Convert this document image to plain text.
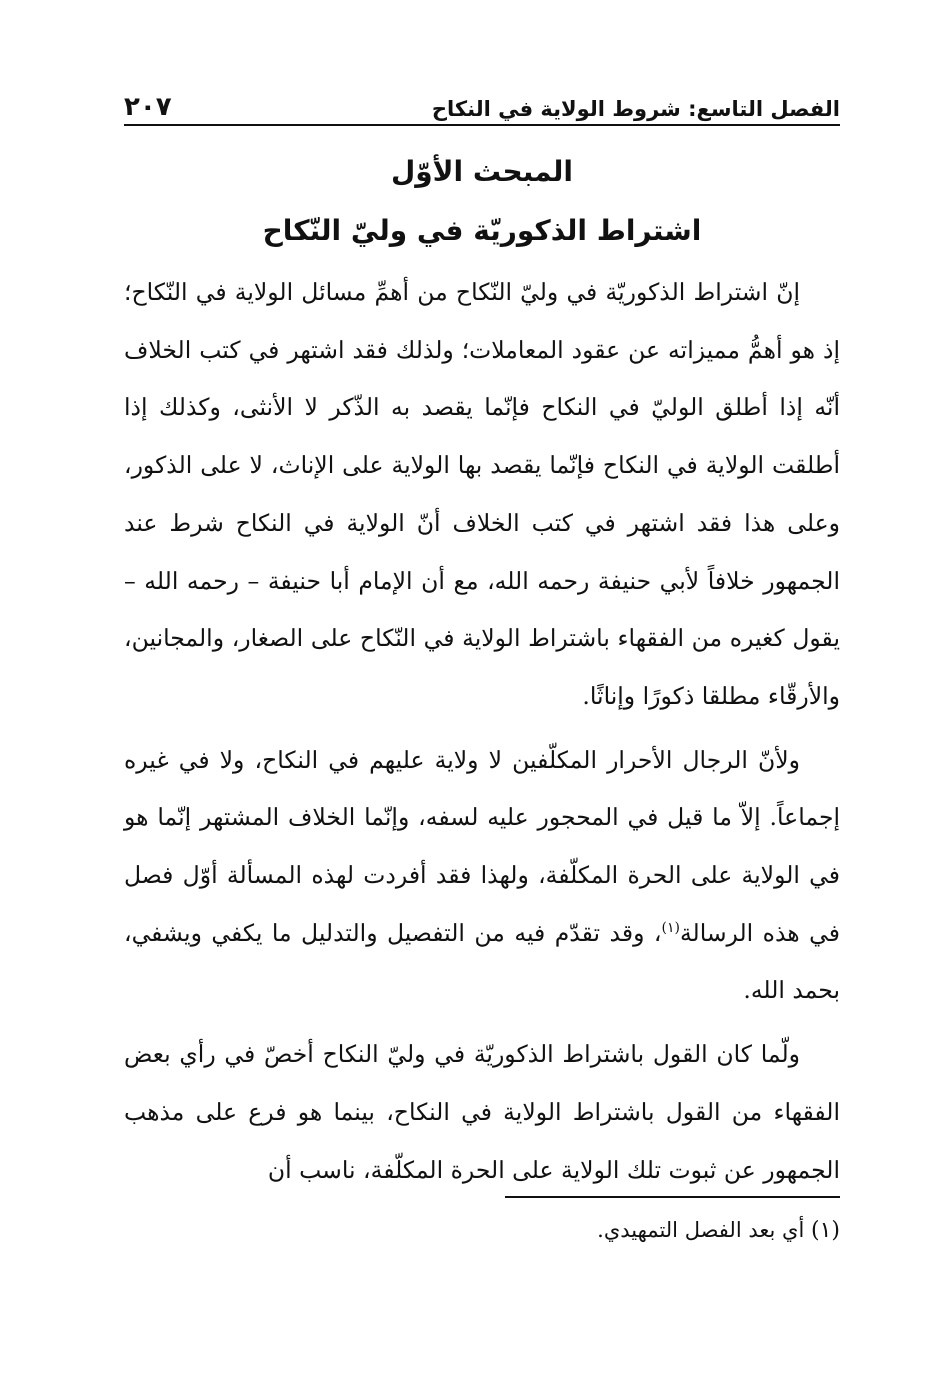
الفصل التاسع: شروط الولاية في النكاح
٢٠٧
المبحث الأوّل
اشتراط الذكوريّة في وليّ النّكاح

إنّ اشتراط الذكوريّة في وليّ النّكاح من أهمِّ مسائل الولاية في النّكاح؛ إذ هو أهمُّ مميزاته عن عقود المعاملات؛ ولذلك فقد اشتهر في كتب الخلاف أنّه إذا أطلق الوليّ في النكاح فإنّما يقصد به الذّكر لا الأنثى، وكذلك إذا أطلقت الولاية في النكاح فإنّما يقصد بها الولاية على الإناث، لا على الذكور، وعلى هذا فقد اشتهر في كتب الخلاف أنّ الولاية في النكاح شرط عند الجمهور خلافاً لأبي حنيفة رحمه الله، مع أن الإمام أبا حنيفة – رحمه الله – يقول كغيره من الفقهاء باشتراط الولاية في النّكاح على الصغار، والمجانين، والأرقّاء مطلقا ذكورًا وإناثًا.

ولأنّ الرجال الأحرار المكلّفين لا ولاية عليهم في النكاح، ولا في غيره إجماعاً. إلاّ ما قيل في المحجور عليه لسفه، وإنّما الخلاف المشتهر إنّما هو في الولاية على الحرة المكلّفة، ولهذا فقد أفردت لهذه المسألة أوّل فصل في هذه الرسالة$^{(١)}$، وقد تقدّم فيه من التفصيل والتدليل ما يكفي ويشفي، بحمد الله.

ولّما كان القول باشتراط الذكوريّة في وليّ النكاح أخصّ في رأي بعض الفقهاء من القول باشتراط الولاية في النكاح، بينما هو فرع على مذهب الجمهور عن ثبوت تلك الولاية على الحرة المكلّفة، ناسب أن

(١) أي بعد الفصل التمهيدي.
